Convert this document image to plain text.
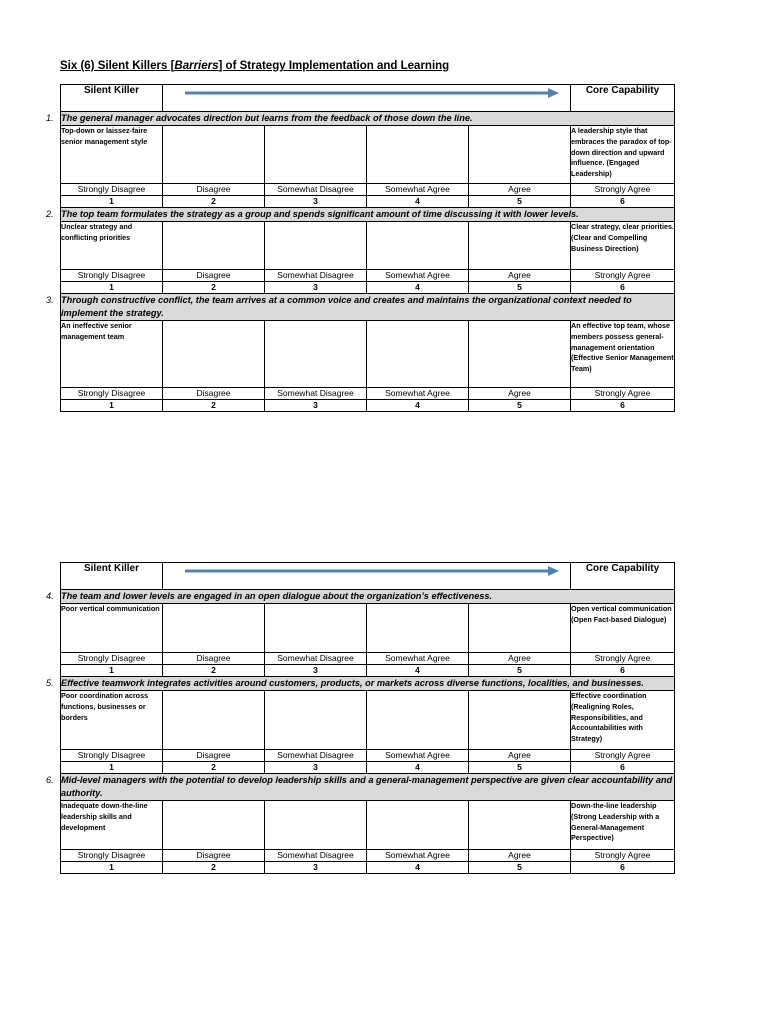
Six (6) Silent Killers [Barriers] of Strategy Implementation and Learning
Silent Killer					Core Capability
1. The general manager advocates direction but learns from the feedback of those down the line.					
Top-down or laissez-faire senior management style					A leadership style that embraces the paradox of top-down direction and upward influence. (Engaged Leadership)
Strongly Disagree	Disagree	Somewhat Disagree	Somewhat Agree	Agree	Strongly Agree
1	2	3	4	5	6
2. The top team formulates the strategy as a group and spends significant amount of time discussing it with lower levels.					
Unclear strategy and conflicting priorities					Clear strategy, clear priorities. (Clear and Compelling Business Direction)
Strongly Disagree	Disagree	Somewhat Disagree	Somewhat Agree	Agree	Strongly Agree
1	2	3	4	5	6
3. Through constructive conflict, the team arrives at a common voice and creates and maintains the organizational context needed to implement the strategy.					
An ineffective senior management team					An effective top team, whose members possess general-management orientation (Effective Senior Management Team)
Strongly Disagree	Disagree	Somewhat Disagree	Somewhat Agree	Agree	Strongly Agree
1	2	3	4	5	6
Silent Killer					Core Capability
4. The team and lower levels are engaged in an open dialogue about the organization’s effectiveness.					
Poor vertical communication					Open vertical communication (Open Fact-based Dialogue)
Strongly Disagree	Disagree	Somewhat Disagree	Somewhat Agree	Agree	Strongly Agree
1	2	3	4	5	6
5. Effective teamwork integrates activities around customers, products, or markets across diverse functions, localities, and businesses.					
Poor coordination across functions, businesses or borders					Effective coordination (Realigning Roles, Responsibilities, and Accountabilities with Strategy)
Strongly Disagree	Disagree	Somewhat Disagree	Somewhat Agree	Agree	Strongly Agree
1	2	3	4	5	6
6. Mid-level managers with the potential to develop leadership skills and a general-management perspective are given clear accountability and authority.					
Inadequate down-the-line leadership skills and development					Down-the-line leadership (Strong Leadership with a General-Management Perspective)
Strongly Disagree	Disagree	Somewhat Disagree	Somewhat Agree	Agree	Strongly Agree
1	2	3	4	5	6
